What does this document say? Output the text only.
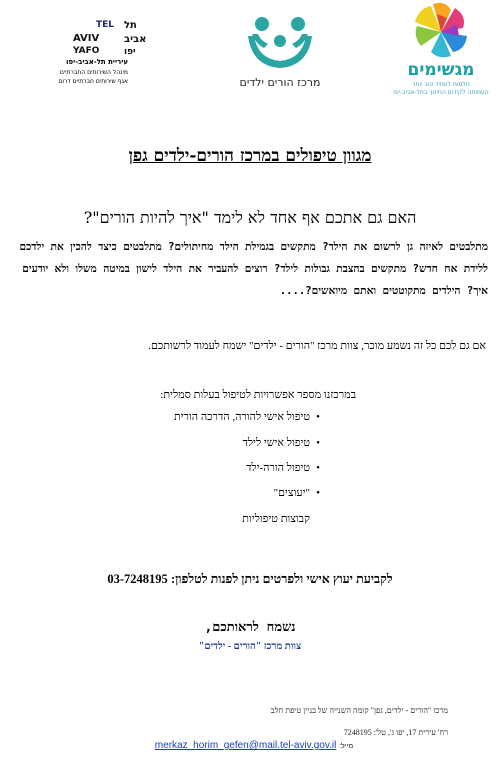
TEL
AVIV
YAFO
תל
אביב
יפו
עיריית תל-אביב-יפו
מינהל השירותים החברתיים
אגף שירותים חברתיים דרום	מרכז הורים ילדים
מגשימים
תלמות לעתיד טוב יותר
העמותה לקידום החינוך בתל-אביב-יפו
מגוון טיפולים במרכז הורים-ילדים גפן
האם גם אתכם אף אחד לא לימד "איך להיות הורים"?
מתלבטים לאיזה גן לרשום את הילד? מתקשים בגמילת הילד מחיתולים? מתלבטים כיצד להכין את ילדכם ללידת אח חדש? מתקשים בהצבת גבולות לילד? רוצים להעביר את הילד לישון במיטה משלו ולא יודעים איך? הילדים מתקוטטים ואתם מיואשים?....
אם גם לכם כל זה נשמע מוכר, צוות מרכז "הורים - ילדים" ישמח לעמוד לרשותכם.
במרכזנו מספר אפשרויות לטיפול בעלות סמלית:
•טיפול אישי להורה, הדרכה הורית
•טיפול אישי לילד
•טיפול הורה-ילד
•"יעוצים"
קבוצות טיפוליות
לקביעת יעוץ אישי ולפרטים ניתן לפנות לטלפון: 03-7248195
נשמח לראותכם,
צוות מרכז "הורים - ילדים"
מרכז "הורים - ילדים, גפן" קומה השנייה של בניין טיפת חלב
רח' עירית 17, יפו ג', טל': 7248195
מייל: merkaz_horim_gefen@mail.tel-aviv.gov.il
